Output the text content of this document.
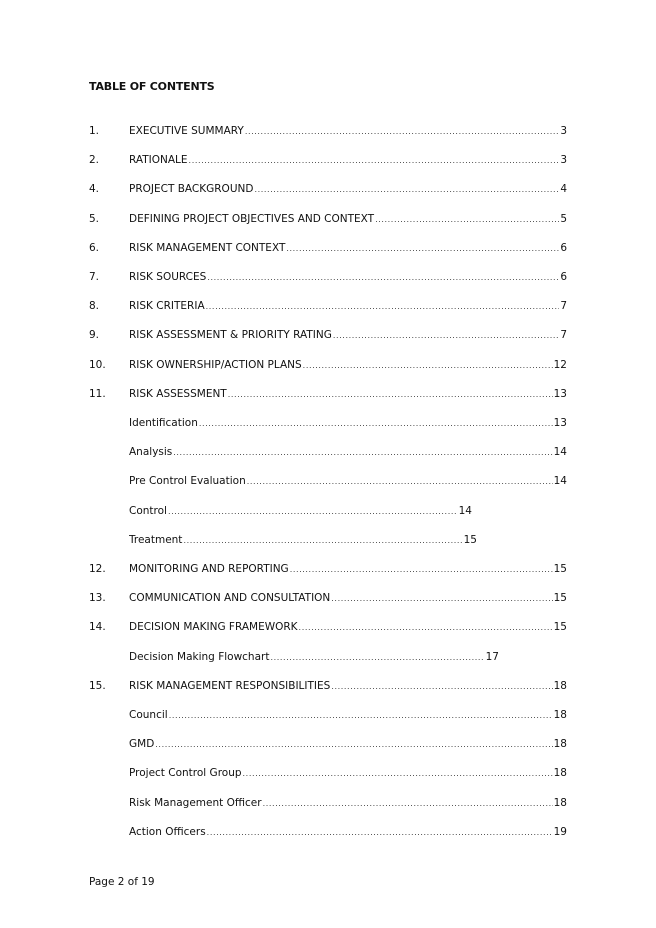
TABLE OF CONTENTS
1.	EXECUTIVE SUMMARY .....	3
2.	RATIONALE .....	3
4.	PROJECT BACKGROUND .....	4
5.	DEFINING PROJECT OBJECTIVES AND CONTEXT .....	5
6.	RISK MANAGEMENT CONTEXT .....	6
7.	RISK SOURCES .....	6
8.	RISK CRITERIA .....	7
9.	RISK ASSESSMENT & PRIORITY RATING .....	7
10. RISK OWNERSHIP/ACTION PLANS .....	12
11. RISK ASSESSMENT .....	13
Identification .....	13
Analysis .....	14
Pre Control Evaluation .....	14
Control .....	14
Treatment .....	15
12. MONITORING AND REPORTING .....	15
13. COMMUNICATION AND CONSULTATION .....	15
14. DECISION MAKING FRAMEWORK .....	15
Decision Making Flowchart .....	17
15. RISK MANAGEMENT RESPONSIBILITIES .....	18
Council .....	18
GMD .....	18
Project Control Group .....	18
Risk Management Officer .....	18
Action Officers .....	19
Page 2 of 19
